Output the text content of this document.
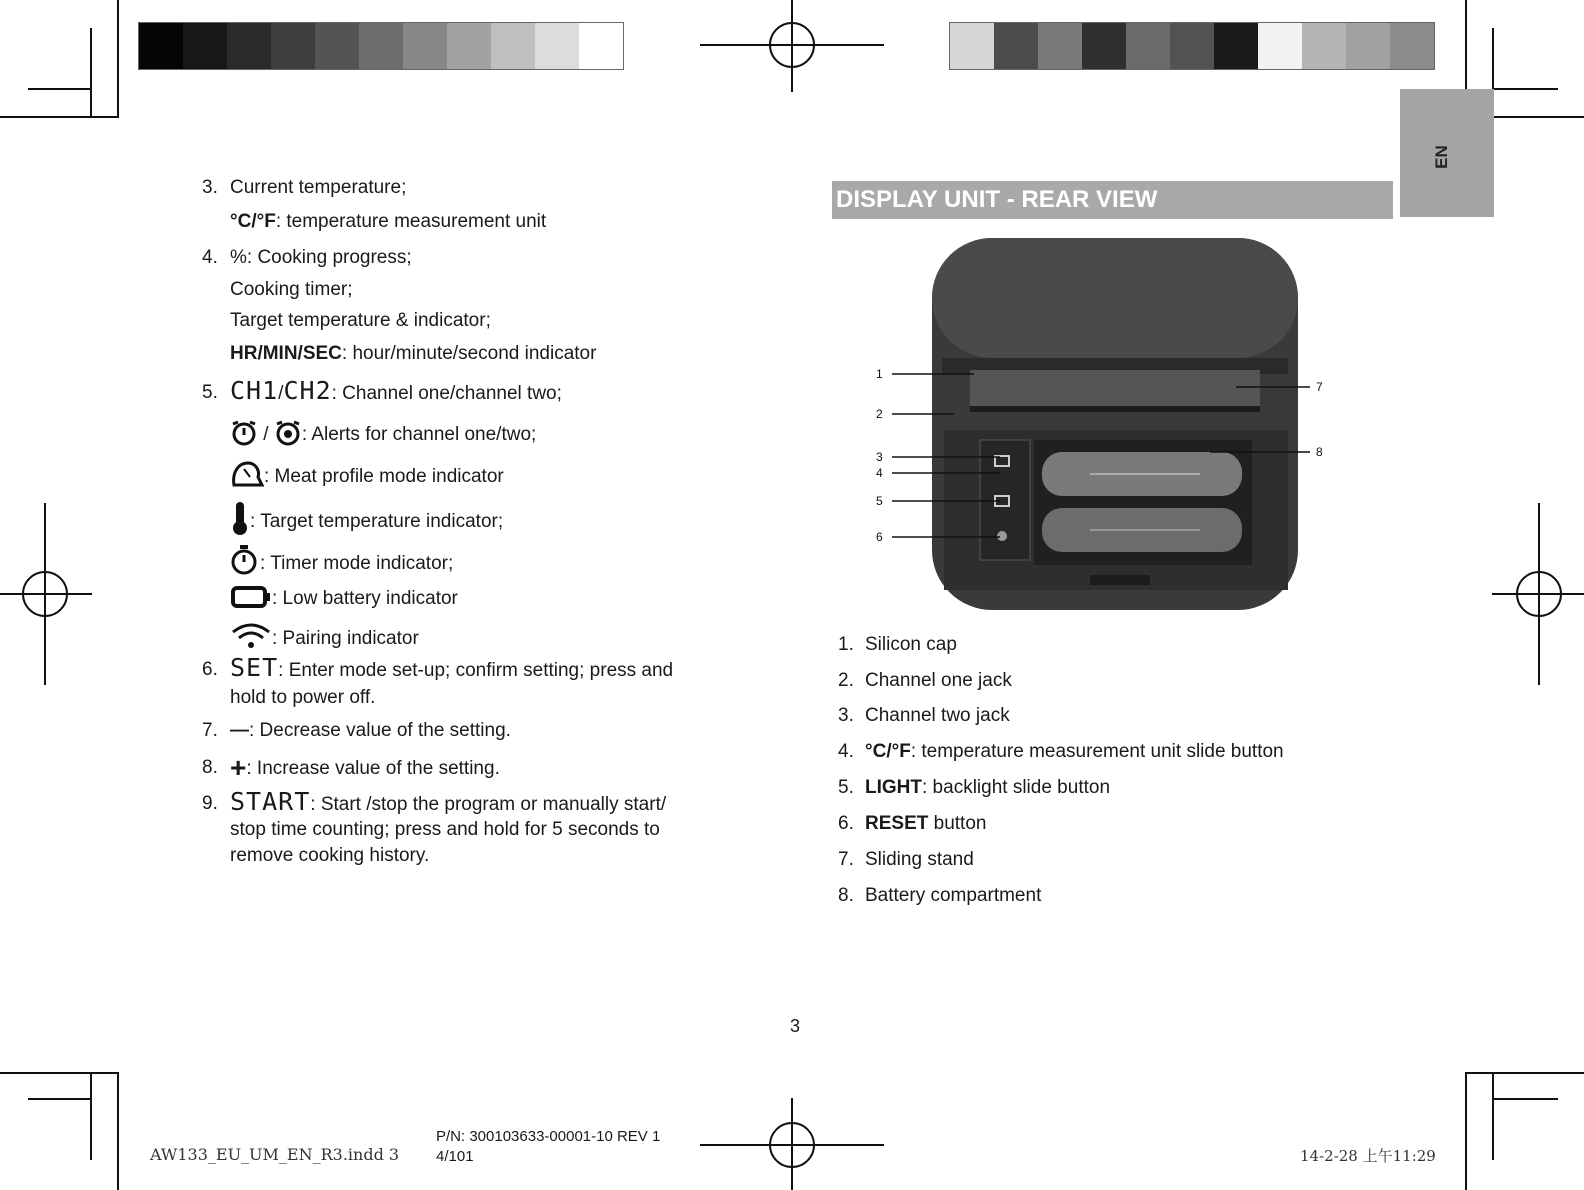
EN
3. Current temperature;
°C/°F: temperature measurement unit
4. %: Cooking progress;
Cooking timer;
Target temperature & indicator;
HR/MIN/SEC: hour/minute/second indicator
5. CH1/CH2: Channel one/channel two;
/ : Alerts for channel one/two;
: Meat profile mode indicator
: Target temperature indicator;
: Timer mode indicator;
: Low battery indicator
: Pairing indicator
6. SET: Enter mode set-up; confirm setting; press and
hold to power off.
7. —: Decrease value of the setting.
8. +: Increase value of the setting.
9. START: Start /stop the program or manually start/
stop time counting; press and hold for 5 seconds to
remove cooking history.
DISPLAY UNIT - REAR VIEW
1
2
3
4
5
6
7
8
1. Silicon cap
2. Channel one jack
3. Channel two jack
4. °C/°F: temperature measurement unit slide button
5. LIGHT: backlight slide button
6. RESET button
7. Sliding stand
8. Battery compartment
3
AW133_EU_UM_EN_R3.indd 3
P/N: 300103633-00001-10 REV 1
4/101	14-2-28 上午11:29
